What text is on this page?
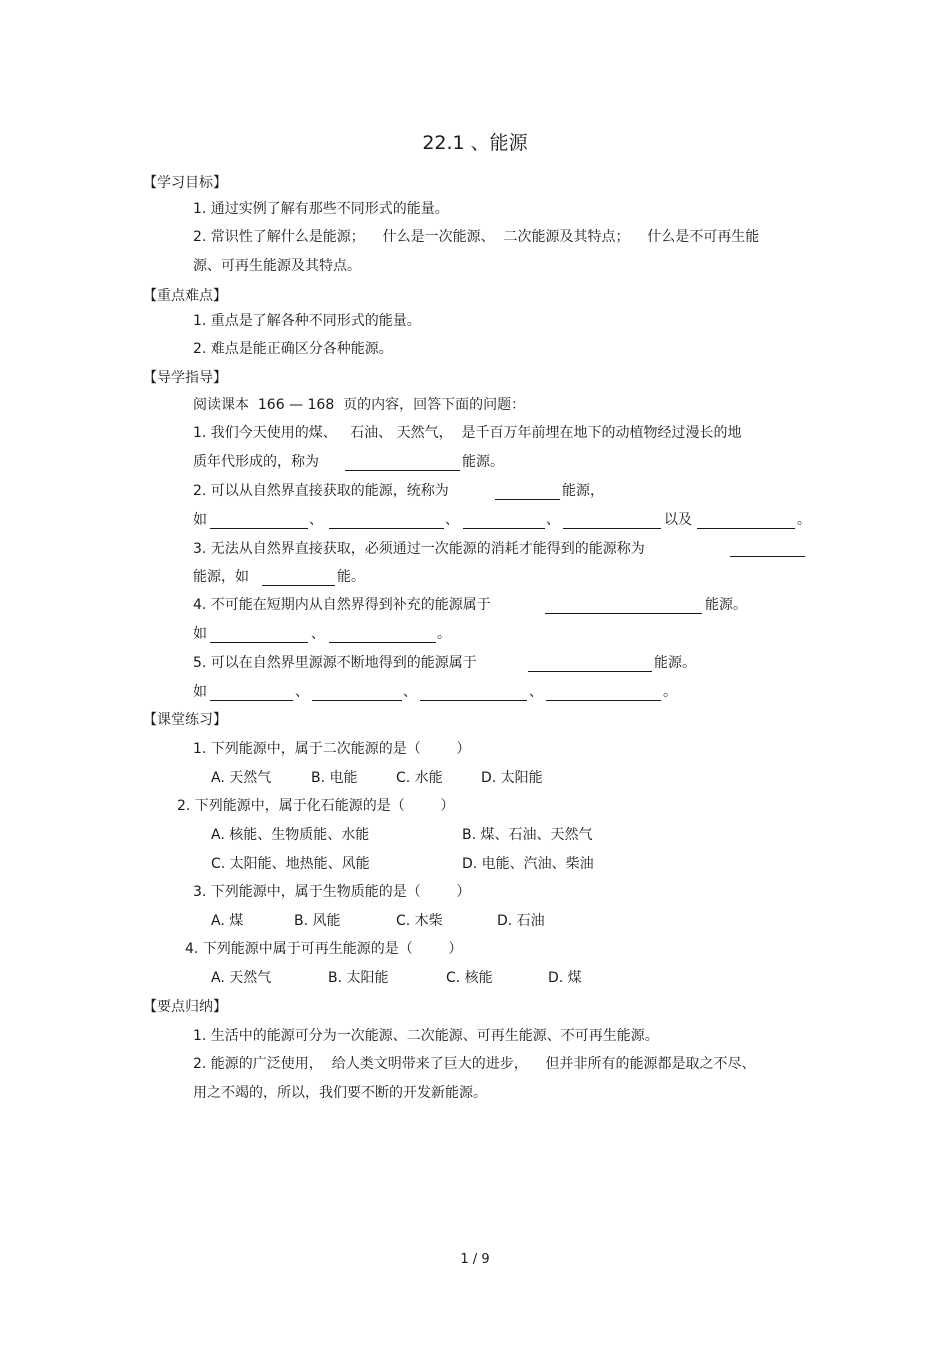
22.1 、能源
【学习目标】
1. 通过实例了解有那些不同形式的能量。
2. 常识性了解什么是能源；    什么是一次能源、  二次能源及其特点；    什么是不可再生能
源、可再生能源及其特点。
【重点难点】
1. 重点是了解各种不同形式的能量。
2. 难点是能正确区分各种能源。
【导学指导】
阅读课本  166 — 168  页的内容，回答下面的问题：
1. 我们今天使用的煤、   石油、 天然气，  是千百万年前埋在地下的动植物经过漫长的地
质年代形成的，称为	能源。
2. 可以从自然界直接获取的能源，统称为	能源，
如	、	、	、	以及	。
3. 无法从自然界直接获取，必须通过一次能源的消耗才能得到的能源称为
能源，如	能。
4. 不可能在短期内从自然界得到补充的能源属于	能源。
如	、	。
5. 可以在自然界里源源不断地得到的能源属于	能源。
如	、	、	、	。
【课堂练习】
1. 下列能源中，属于二次能源的是（        ）
A. 天然气	B. 电能	C. 水能	D. 太阳能
2. 下列能源中，属于化石能源的是（        ）
A. 核能、生物质能、水能	B. 煤、石油、天然气
C. 太阳能、地热能、风能	D. 电能、汽油、柴油
3. 下列能源中，属于生物质能的是（        ）
A. 煤	B. 风能	C. 木柴	D. 石油
4. 下列能源中属于可再生能源的是（        ）
A. 天然气	B. 太阳能	C. 核能	D. 煤
【要点归纳】
1. 生活中的能源可分为一次能源、二次能源、可再生能源、不可再生能源。
2. 能源的广泛使用，  给人类文明带来了巨大的进步，    但并非所有的能源都是取之不尽、
用之不竭的，所以，我们要不断的开发新能源。
1 / 9
